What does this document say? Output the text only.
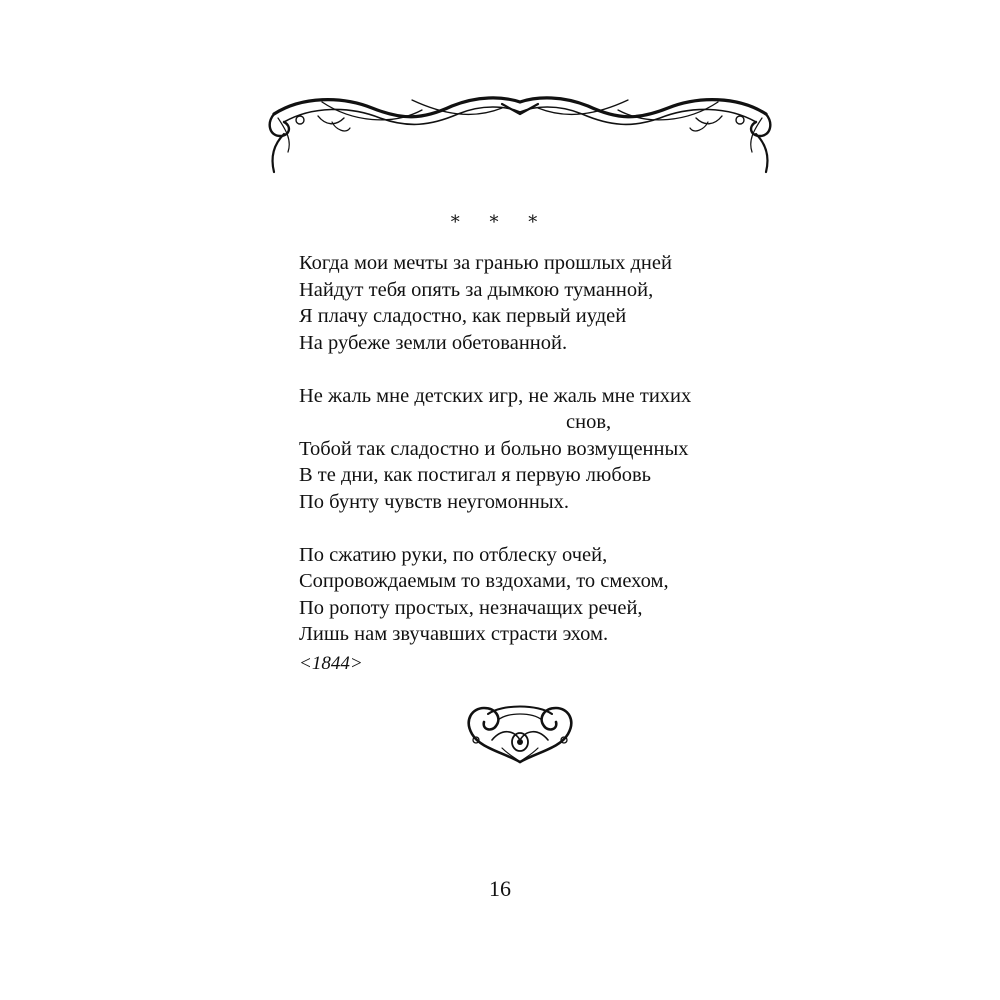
* * *
Когда мои мечты за гранью прошлых дней
Найдут тебя опять за дымкою туманной,
Я плачу сладостно, как первый иудей
На рубеже земли обетованной.
Не жаль мне детских игр, не жаль мне тихих
снов,
Тобой так сладостно и больно возмущенных
В те дни, как постигал я первую любовь
По бунту чувств неугомонных.
По сжатию руки, по отблеску очей,
Сопровождаемым то вздохами, то смехом,
По ропоту простых, незначащих речей,
Лишь нам звучавших страсти эхом.
<1844>
16
